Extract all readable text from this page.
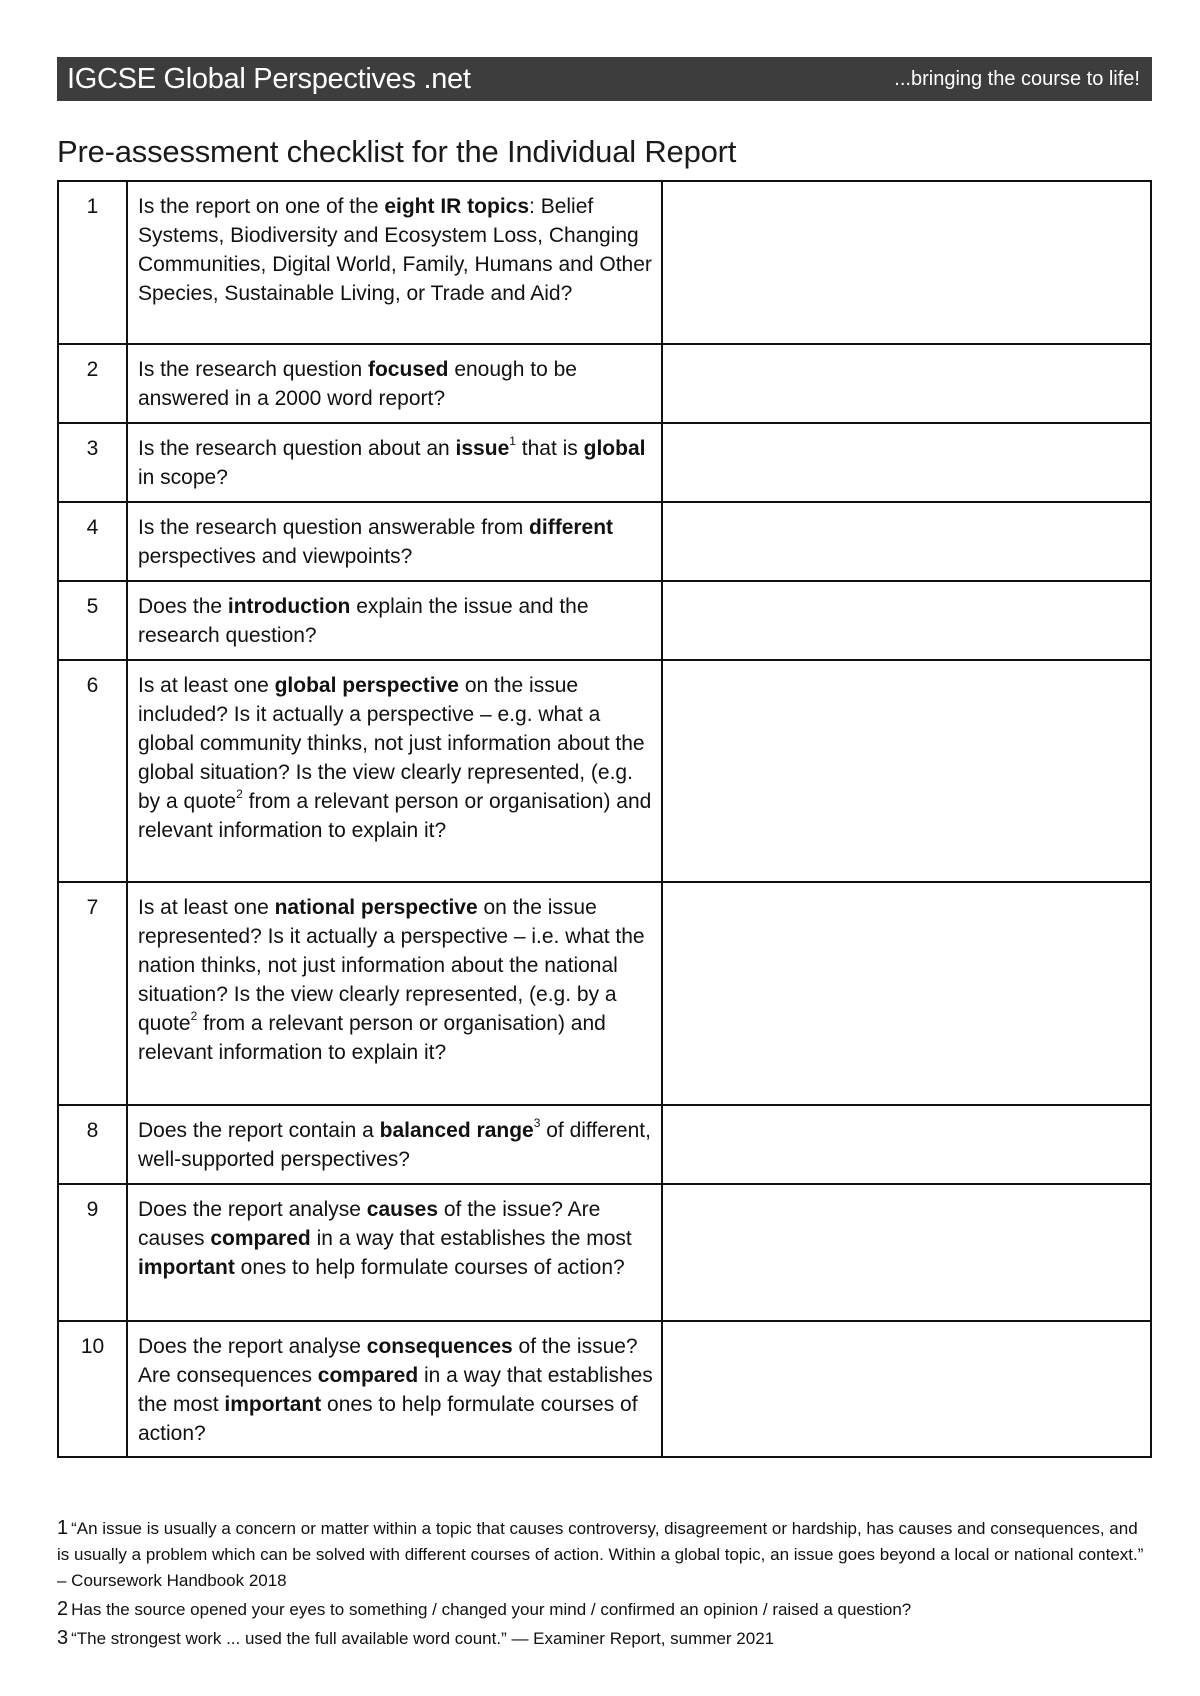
IGCSE Global Perspectives .net	...bringing the course to life!
Pre-assessment checklist for the Individual Report
1	Is the report on one of the eight IR topics: Belief Systems, Biodiversity and Ecosystem Loss, Changing Communities, Digital World, Family, Humans and Other Species, Sustainable Living, or Trade and Aid?	
2	Is the research question focused enough to be answered in a 2000 word report?	
3	Is the research question about an issue$^1$ that is global in scope?	
4	Is the research question answerable from different perspectives and viewpoints?	
5	Does the introduction explain the issue and the research question?	
6	Is at least one global perspective on the issue included? Is it actually a perspective – e.g. what a global community thinks, not just information about the global situation? Is the view clearly represented, (e.g. by a quote$^2$ from a relevant person or organisation) and relevant information to explain it?	
7	Is at least one national perspective on the issue represented? Is it actually a perspective – i.e. what the nation thinks, not just information about the national situation? Is the view clearly represented, (e.g. by a quote$^2$ from a relevant person or organisation) and relevant information to explain it?	
8	Does the report contain a balanced range$^3$ of different, well-supported perspectives?	
9	Does the report analyse causes of the issue? Are causes compared in a way that establishes the most important ones to help formulate courses of action?	
10	Does the report analyse consequences of the issue? Are consequences compared in a way that establishes the most important ones to help formulate courses of action?	

1 “An issue is usually a concern or matter within a topic that causes controversy, disagreement or hardship, has causes and consequences, and is usually a problem which can be solved with different courses of action. Within a global topic, an issue goes beyond a local or national context.” – Coursework Handbook 2018

2 Has the source opened your eyes to something / changed your mind / confirmed an opinion / raised a question?

3 “The strongest work ... used the full available word count.” — Examiner Report, summer 2021
